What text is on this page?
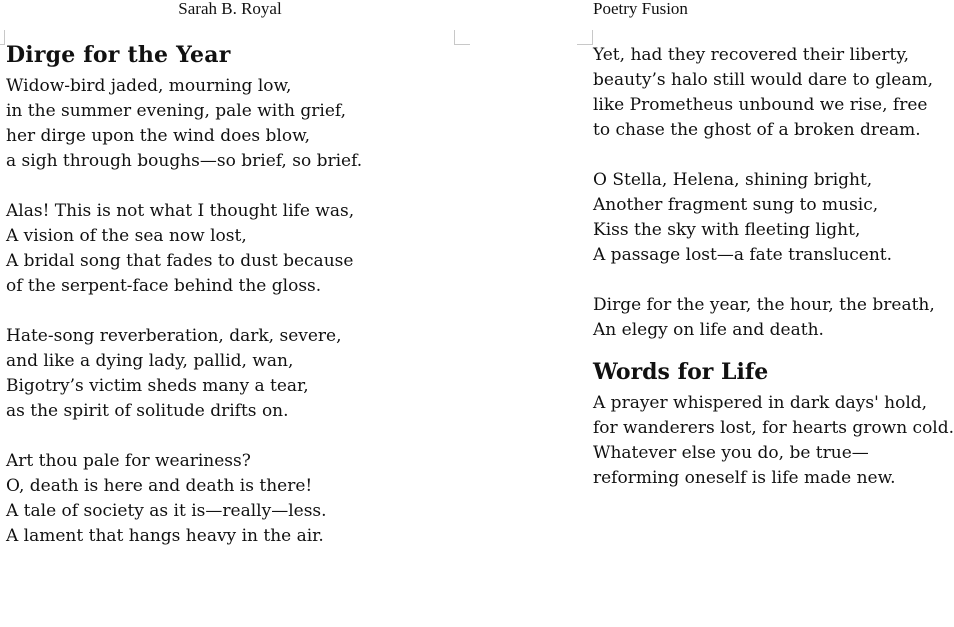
Sarah B. Royal
Dirge for the Year
Widow-bird jaded, mourning low,
in the summer evening, pale with grief,
her dirge upon the wind does blow,
a sigh through boughs—so brief, so brief.
Alas! This is not what I thought life was,
A vision of the sea now lost,
A bridal song that fades to dust because
of the serpent-face behind the gloss.
Hate-song reverberation, dark, severe,
and like a dying lady, pallid, wan,
Bigotry’s victim sheds many a tear,
as the spirit of solitude drifts on.
Art thou pale for weariness?
O, death is here and death is there!
A tale of society as it is—really—less.
A lament that hangs heavy in the air.
Poetry Fusion
Yet, had they recovered their liberty,
beauty’s halo still would dare to gleam,
like Prometheus unbound we rise, free
to chase the ghost of a broken dream.
O Stella, Helena, shining bright,
Another fragment sung to music,
Kiss the sky with fleeting light,
A passage lost—a fate translucent.
Dirge for the year, the hour, the breath,
An elegy on life and death.
Words for Life
A prayer whispered in dark days' hold,
for wanderers lost, for hearts grown cold.
Whatever else you do, be true—
reforming oneself is life made new.
